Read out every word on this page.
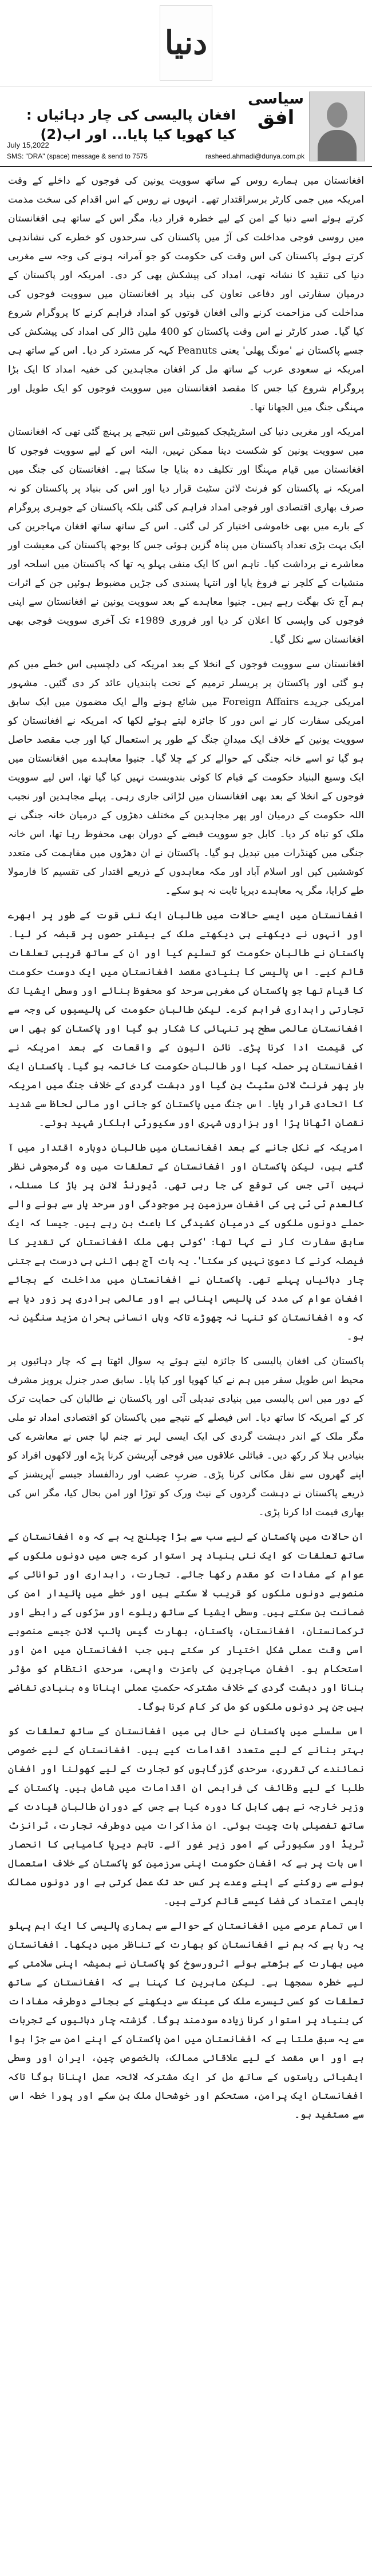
دنیا
سیاسی
افق
افغان پالیسی کی چار دہائیاں : کیا کھویا کیا پایا... اور اب(2)
July 15,2022
SMS: "DRA" (space) message & send to 7575	rasheed.ahmadi@dunya.com.pk

افغانستان میں ہمارے روس کے ساتھ سوویت یونین کی فوجوں کے داخلے کے وقت امریکہ میں جمی کارٹر برسراقتدار تھے۔ انہوں نے روس کے اس اقدام کی سخت مذمت کرتے ہوئے اسے دنیا کے امن کے لیے خطرہ قرار دیا، مگر اس کے ساتھ ہی افغانستان میں روسی فوجی مداخلت کی آڑ میں پاکستان کی سرحدوں کو خطرے کی نشاندہی کرتے ہوئے پاکستان کی اس وقت کی حکومت کو جو آمرانہ ہونے کی وجہ سے مغربی دنیا کی تنقید کا نشانہ تھی، امداد کی پیشکش بھی کر دی۔ امریکہ اور پاکستان کے درمیان سفارتی اور دفاعی تعاون کی بنیاد پر افغانستان میں سوویت فوجوں کی مداخلت کی مزاحمت کرنے والی افغان قوتوں کو امداد فراہم کرنے کا پروگرام شروع کیا گیا۔ صدر کارٹر نے اس وقت پاکستان کو 400 ملین ڈالر کی امداد کی پیشکش کی جسے پاکستان نے 'مونگ پھلی' یعنی Peanuts کہہ کر مسترد کر دیا۔ اس کے ساتھ ہی امریکہ نے سعودی عرب کے ساتھ مل کر افغان مجاہدین کی خفیہ امداد کا ایک بڑا پروگرام شروع کیا جس کا مقصد افغانستان میں سوویت فوجوں کو ایک طویل اور مہنگی جنگ میں الجھانا تھا۔

امریکہ اور مغربی دنیا کی اسٹریٹیجک کمیونٹی اس نتیجے پر پہنچ گئی تھی کہ افغانستان میں سوویت یونین کو شکست دینا ممکن نہیں، البتہ اس کے لیے سوویت فوجوں کا افغانستان میں قیام مہنگا اور تکلیف دہ بنایا جا سکتا ہے۔ افغانستان کی جنگ میں امریکہ نے پاکستان کو فرنٹ لائن سٹیٹ قرار دیا اور اس کی بنیاد پر پاکستان کو نہ صرف بھاری اقتصادی اور فوجی امداد فراہم کی گئی بلکہ پاکستان کے جوہری پروگرام کے بارے میں بھی خاموشی اختیار کر لی گئی۔ اس کے ساتھ ساتھ افغان مہاجرین کی ایک بہت بڑی تعداد پاکستان میں پناہ گزین ہوئی جس کا بوجھ پاکستان کی معیشت اور معاشرے نے برداشت کیا۔ تاہم اس کا ایک منفی پہلو یہ تھا کہ پاکستان میں اسلحہ اور منشیات کے کلچر نے فروغ پایا اور انتہا پسندی کی جڑیں مضبوط ہوئیں جن کے اثرات ہم آج تک بھگت رہے ہیں۔ جنیوا معاہدے کے بعد سوویت یونین نے افغانستان سے اپنی فوجوں کی واپسی کا اعلان کر دیا اور فروری 1989ء تک آخری سوویت فوجی بھی افغانستان سے نکل گیا۔

افغانستان سے سوویت فوجوں کے انخلا کے بعد امریکہ کی دلچسپی اس خطے میں کم ہو گئی اور پاکستان پر پریسلر ترمیم کے تحت پابندیاں عائد کر دی گئیں۔ مشہور امریکی جریدے Foreign Affairs میں شائع ہونے والے ایک مضمون میں ایک سابق امریکی سفارت کار نے اس دور کا جائزہ لیتے ہوئے لکھا کہ امریکہ نے افغانستان کو سوویت یونین کے خلاف ایک میدانِ جنگ کے طور پر استعمال کیا اور جب مقصد حاصل ہو گیا تو اسے خانہ جنگی کے حوالے کر کے چلا گیا۔ جنیوا معاہدے میں افغانستان میں ایک وسیع البنیاد حکومت کے قیام کا کوئی بندوبست نہیں کیا گیا تھا، اس لیے سوویت فوجوں کے انخلا کے بعد بھی افغانستان میں لڑائی جاری رہی۔ پہلے مجاہدین اور نجیب اللہ حکومت کے درمیان اور پھر مجاہدین کے مختلف دھڑوں کے درمیان خانہ جنگی نے ملک کو تباہ کر دیا۔ کابل جو سوویت قبضے کے دوران بھی محفوظ رہا تھا، اس خانہ جنگی میں کھنڈرات میں تبدیل ہو گیا۔ پاکستان نے ان دھڑوں میں مفاہمت کی متعدد کوششیں کیں اور اسلام آباد اور مکہ معاہدوں کے ذریعے اقتدار کی تقسیم کا فارمولا طے کرایا، مگر یہ معاہدے دیرپا ثابت نہ ہو سکے۔

افغانستان میں ایسے حالات میں طالبان ایک نئی قوت کے طور پر ابھرے اور انہوں نے دیکھتے ہی دیکھتے ملک کے بیشتر حصوں پر قبضہ کر لیا۔ پاکستان نے طالبان حکومت کو تسلیم کیا اور ان کے ساتھ قریبی تعلقات قائم کیے۔ اس پالیسی کا بنیادی مقصد افغانستان میں ایک دوست حکومت کا قیام تھا جو پاکستان کی مغربی سرحد کو محفوظ بنائے اور وسطی ایشیا تک تجارتی راہداری فراہم کرے۔ لیکن طالبان حکومت کی پالیسیوں کی وجہ سے افغانستان عالمی سطح پر تنہائی کا شکار ہو گیا اور پاکستان کو بھی اس کی قیمت ادا کرنا پڑی۔ نائن الیون کے واقعات کے بعد امریکہ نے افغانستان پر حملہ کیا اور طالبان حکومت کا خاتمہ ہو گیا۔ پاکستان ایک بار پھر فرنٹ لائن سٹیٹ بن گیا اور دہشت گردی کے خلاف جنگ میں امریکہ کا اتحادی قرار پایا۔ اس جنگ میں پاکستان کو جانی اور مالی لحاظ سے شدید نقصان اٹھانا پڑا اور ہزاروں شہری اور سکیورٹی اہلکار شہید ہوئے۔

امریکہ کے نکل جانے کے بعد افغانستان میں طالبان دوبارہ اقتدار میں آ گئے ہیں، لیکن پاکستان اور افغانستان کے تعلقات میں وہ گرمجوشی نظر نہیں آتی جس کی توقع کی جا رہی تھی۔ ڈیورنڈ لائن پر باڑ کا مسئلہ، کالعدم ٹی ٹی پی کی افغان سرزمین پر موجودگی اور سرحد پار سے ہونے والے حملے دونوں ملکوں کے درمیان کشیدگی کا باعث بن رہے ہیں۔ جیسا کہ ایک سابق سفارت کار نے کہا تھا: 'کوئی بھی ملک افغانستان کی تقدیر کا فیصلہ کرنے کا دعویٰ نہیں کر سکتا'۔ یہ بات آج بھی اتنی ہی درست ہے جتنی چار دہائیاں پہلے تھی۔ پاکستان نے افغانستان میں مداخلت کے بجائے افغان عوام کی مدد کی پالیسی اپنائی ہے اور عالمی برادری پر زور دیا ہے کہ وہ افغانستان کو تنہا نہ چھوڑے تاکہ وہاں انسانی بحران مزید سنگین نہ ہو۔

پاکستان کی افغان پالیسی کا جائزہ لیتے ہوئے یہ سوال اٹھتا ہے کہ چار دہائیوں پر محیط اس طویل سفر میں ہم نے کیا کھویا اور کیا پایا۔ سابق صدر جنرل پرویز مشرف کے دور میں اس پالیسی میں بنیادی تبدیلی آئی اور پاکستان نے طالبان کی حمایت ترک کر کے امریکہ کا ساتھ دیا۔ اس فیصلے کے نتیجے میں پاکستان کو اقتصادی امداد تو ملی مگر ملک کے اندر دہشت گردی کی ایک ایسی لہر نے جنم لیا جس نے معاشرے کی بنیادیں ہلا کر رکھ دیں۔ قبائلی علاقوں میں فوجی آپریشن کرنا پڑے اور لاکھوں افراد کو اپنے گھروں سے نقل مکانی کرنا پڑی۔ ضربِ عضب اور ردالفساد جیسے آپریشنز کے ذریعے پاکستان نے دہشت گردوں کے نیٹ ورک کو توڑا اور امن بحال کیا، مگر اس کی بھاری قیمت ادا کرنا پڑی۔

ان حالات میں پاکستان کے لیے سب سے بڑا چیلنج یہ ہے کہ وہ افغانستان کے ساتھ تعلقات کو ایک نئی بنیاد پر استوار کرے جس میں دونوں ملکوں کے عوام کے مفادات کو مقدم رکھا جائے۔ تجارت، راہداری اور توانائی کے منصوبے دونوں ملکوں کو قریب لا سکتے ہیں اور خطے میں پائیدار امن کی ضمانت بن سکتے ہیں۔ وسطی ایشیا کے ساتھ ریلوے اور سڑکوں کے رابطے اور ترکمانستان، افغانستان، پاکستان، بھارت گیس پائپ لائن جیسے منصوبے اسی وقت عملی شکل اختیار کر سکتے ہیں جب افغانستان میں امن اور استحکام ہو۔ افغان مہاجرین کی باعزت واپسی، سرحدی انتظام کو مؤثر بنانا اور دہشت گردی کے خلاف مشترکہ حکمتِ عملی اپنانا وہ بنیادی تقاضے ہیں جن پر دونوں ملکوں کو مل کر کام کرنا ہوگا۔

اس سلسلے میں پاکستان نے حال ہی میں افغانستان کے ساتھ تعلقات کو بہتر بنانے کے لیے متعدد اقدامات کیے ہیں۔ افغانستان کے لیے خصوصی نمائندے کی تقرری، سرحدی گزرگاہوں کو تجارت کے لیے کھولنا اور افغان طلبا کے لیے وظائف کی فراہمی ان اقدامات میں شامل ہیں۔ پاکستان کے وزیر خارجہ نے بھی کابل کا دورہ کیا ہے جس کے دوران طالبان قیادت کے ساتھ تفصیلی بات چیت ہوئی۔ ان مذاکرات میں دوطرفہ تجارت، ٹرانزٹ ٹریڈ اور سکیورٹی کے امور زیر غور آئے۔ تاہم دیرپا کامیابی کا انحصار اس بات پر ہے کہ افغان حکومت اپنی سرزمین کو پاکستان کے خلاف استعمال ہونے سے روکنے کے اپنے وعدے پر کس حد تک عمل کرتی ہے اور دونوں ممالک باہمی اعتماد کی فضا کیسے قائم کرتے ہیں۔

اس تمام عرصے میں افغانستان کے حوالے سے ہماری پالیسی کا ایک اہم پہلو یہ رہا ہے کہ ہم نے افغانستان کو بھارت کے تناظر میں دیکھا۔ افغانستان میں بھارت کے بڑھتے ہوئے اثرورسوخ کو پاکستان نے ہمیشہ اپنی سلامتی کے لیے خطرہ سمجھا ہے۔ لیکن ماہرین کا کہنا ہے کہ افغانستان کے ساتھ تعلقات کو کسی تیسرے ملک کی عینک سے دیکھنے کے بجائے دوطرفہ مفادات کی بنیاد پر استوار کرنا زیادہ سودمند ہوگا۔ گزشتہ چار دہائیوں کے تجربات سے یہ سبق ملتا ہے کہ افغانستان میں امن پاکستان کے اپنے امن سے جڑا ہوا ہے اور اس مقصد کے لیے علاقائی ممالک، بالخصوص چین، ایران اور وسطی ایشیائی ریاستوں کے ساتھ مل کر ایک مشترکہ لائحہ عمل اپنانا ہوگا تاکہ افغانستان ایک پرامن، مستحکم اور خوشحال ملک بن سکے اور پورا خطہ اس سے مستفید ہو۔
